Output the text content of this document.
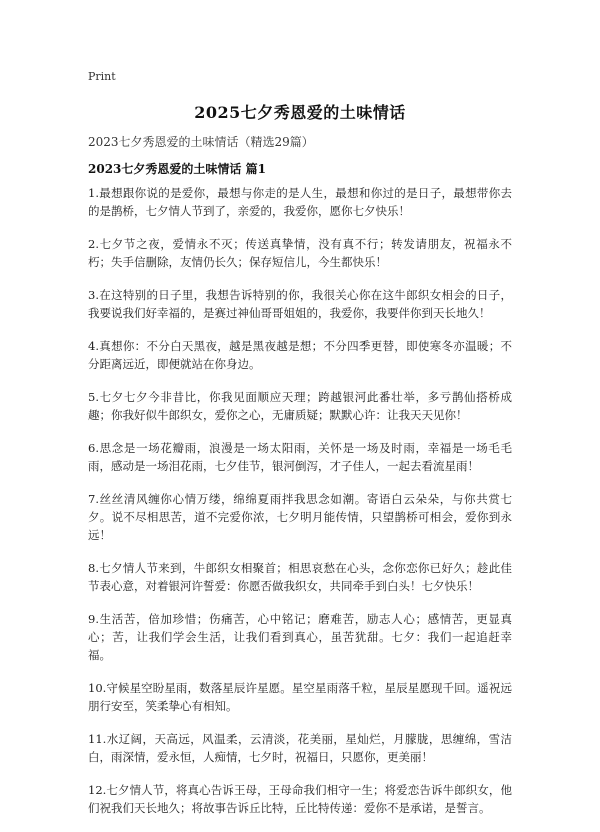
Print
2025七夕秀恩爱的土味情话
2023七夕秀恩爱的土味情话（精选29篇）
2023七夕秀恩爱的土味情话 篇1

1.最想跟你说的是爱你，最想与你走的是人生，最想和你过的是日子，最想带你去的是鹊桥，七夕情人节到了，亲爱的，我爱你，愿你七夕快乐！

2.七夕节之夜，爱情永不灭；传送真挚情，没有真不行；转发请朋友，祝福永不朽；失手信删除，友情仍长久；保存短信儿，今生都快乐！

3.在这特别的日子里，我想告诉特别的你，我很关心你在这牛郎织女相会的日子，我要说我们好幸福的，是赛过神仙哥哥姐姐的，我爱你，我要伴你到天长地久！

4.真想你：不分白天黑夜，越是黑夜越是想；不分四季更替，即使寒冬亦温暖；不分距离远近，即便就站在你身边。

5.七夕七夕今非昔比，你我见面顺应天理；跨越银河此番壮举，多亏鹊仙搭桥成趣；你我好似牛郎织女，爱你之心，无庸质疑；默默心许：让我天天见你！

6.思念是一场花瓣雨，浪漫是一场太阳雨，关怀是一场及时雨，幸福是一场毛毛雨，感动是一场泪花雨，七夕佳节，银河倒泻，才子佳人，一起去看流星雨！

7.丝丝清风缠你心情万缕，绵绵夏雨拌我思念如潮。寄语白云朵朵，与你共赏七夕。说不尽相思苦，道不完爱你浓，七夕明月能传情，只望鹊桥可相会，爱你到永远！

8.七夕情人节来到，牛郎织女相聚首；相思哀愁在心头，念你恋你已好久；趁此佳节表心意，对着银河许誓爱：你愿否做我织女，共同牵手到白头！七夕快乐！

9.生活苦，倍加珍惜；伤痛苦，心中铭记；磨难苦，励志人心；感情苦，更显真心；苦，让我们学会生活，让我们看到真心，虽苦犹甜。七夕：我们一起追赶幸福。

10.守候星空盼星雨，数落星辰许星愿。星空星雨落千粒，星辰星愿现千回。遥祝远朋行安至，笑柔挚心有相知。

11.水辽阔，天高远，风温柔，云清淡，花美丽，星灿烂，月朦胧，思缠绵，雪洁白，雨深情，爱永恒，人痴情，七夕时，祝福日，只愿你，更美丽！

12.七夕情人节，将真心告诉王母，王母命我们相守一生；将爱恋告诉牛郎织女，他们祝我们天长地久；将故事告诉丘比特，丘比特传递：爱你不是承诺，是誓言。
